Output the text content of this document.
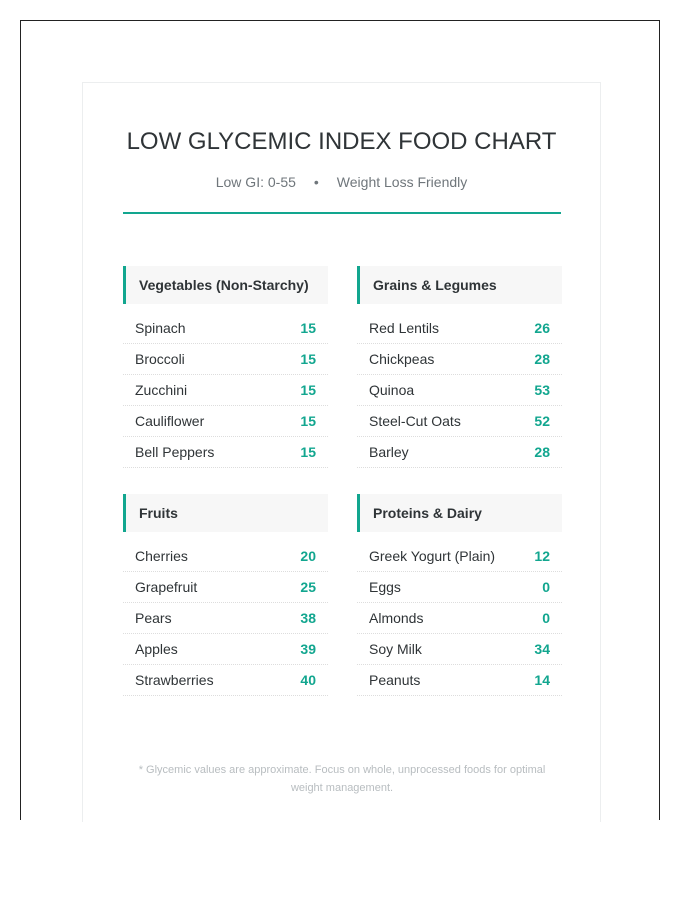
LOW GLYCEMIC INDEX FOOD CHART
Low GI: 0-55 • Weight Loss Friendly
Vegetables (Non-Starchy)
Spinach	15
Broccoli	15
Zucchini	15
Cauliflower	15
Bell Peppers	15
Grains & Legumes
Red Lentils	26
Chickpeas	28
Quinoa	53
Steel-Cut Oats	52
Barley	28
Fruits
Cherries	20
Grapefruit	25
Pears	38
Apples	39
Strawberries	40
Proteins & Dairy
Greek Yogurt (Plain)	12
Eggs	0
Almonds	0
Soy Milk	34
Peanuts	14
* Glycemic values are approximate. Focus on whole, unprocessed foods for optimal weight management.
